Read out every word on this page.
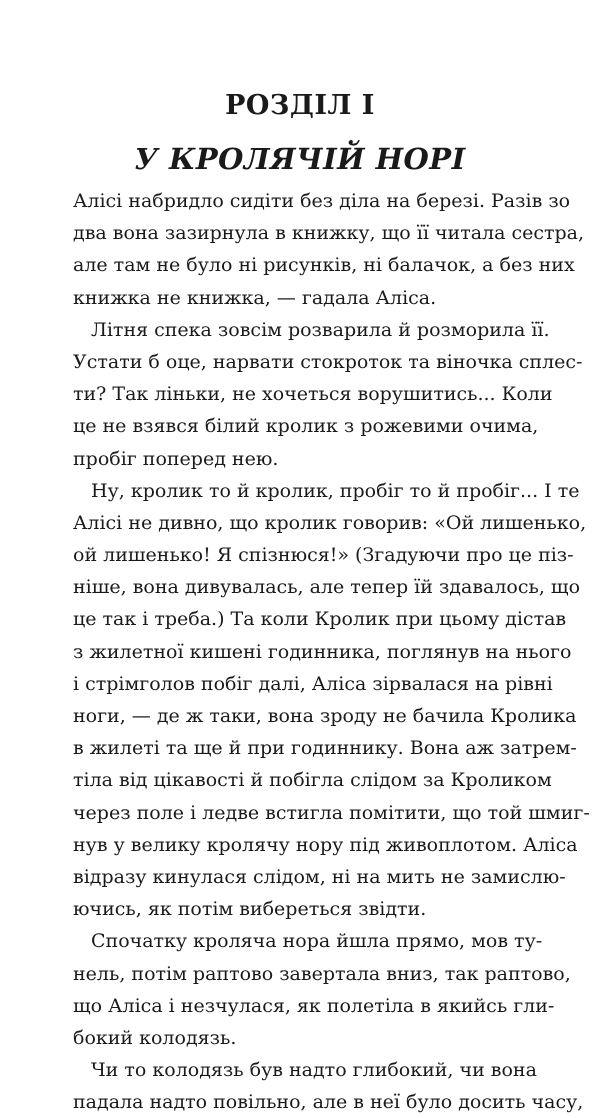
РОЗДІЛ І
У КРОЛЯЧІЙ НОРІ
Алісі набридло сидіти без діла на березі. Разів зо
два вона зазирнула в книжку, що її читала сестра,
але там не було ні рисунків, ні балачок, а без них
книжка не книжка, — гадала Аліса.
Літня спека зовсім розварила й розморила її.
Устати б оце, нарвати стокроток та віночка сплес-
ти? Так ліньки, не хочеться ворушитись... Коли
це не взявся білий кролик з рожевими очима,
пробіг поперед нею.
Ну, кролик то й кролик, пробіг то й пробіг... І те
Алісі не дивно, що кролик говорив: «Ой лишенько,
ой лишенько! Я спізнюся!» (Згадуючи про це піз-
ніше, вона дивувалась, але тепер їй здавалось, що
це так і треба.) Та коли Кролик при цьому дістав
з жилетної кишені годинника, поглянув на нього
і стрімголов побіг далі, Аліса зірвалася на рівні
ноги, — де ж таки, вона зроду не бачила Кролика
в жилеті та ще й при годиннику. Вона аж затрем-
тіла від цікавості й побігла слідом за Кроликом
через поле і ледве встигла помітити, що той шмиг-
нув у велику кролячу нору під живоплотом. Аліса
відразу кинулася слідом, ні на мить не замислю-
ючись, як потім вибереться звідти.
Спочатку кроляча нора йшла прямо, мов ту-
нель, потім раптово завертала вниз, так раптово,
що Аліса і незчулася, як полетіла в якийсь гли-
бокий колодязь.
Чи то колодязь був надто глибокий, чи вона
падала надто повільно, але в неї було досить часу,
